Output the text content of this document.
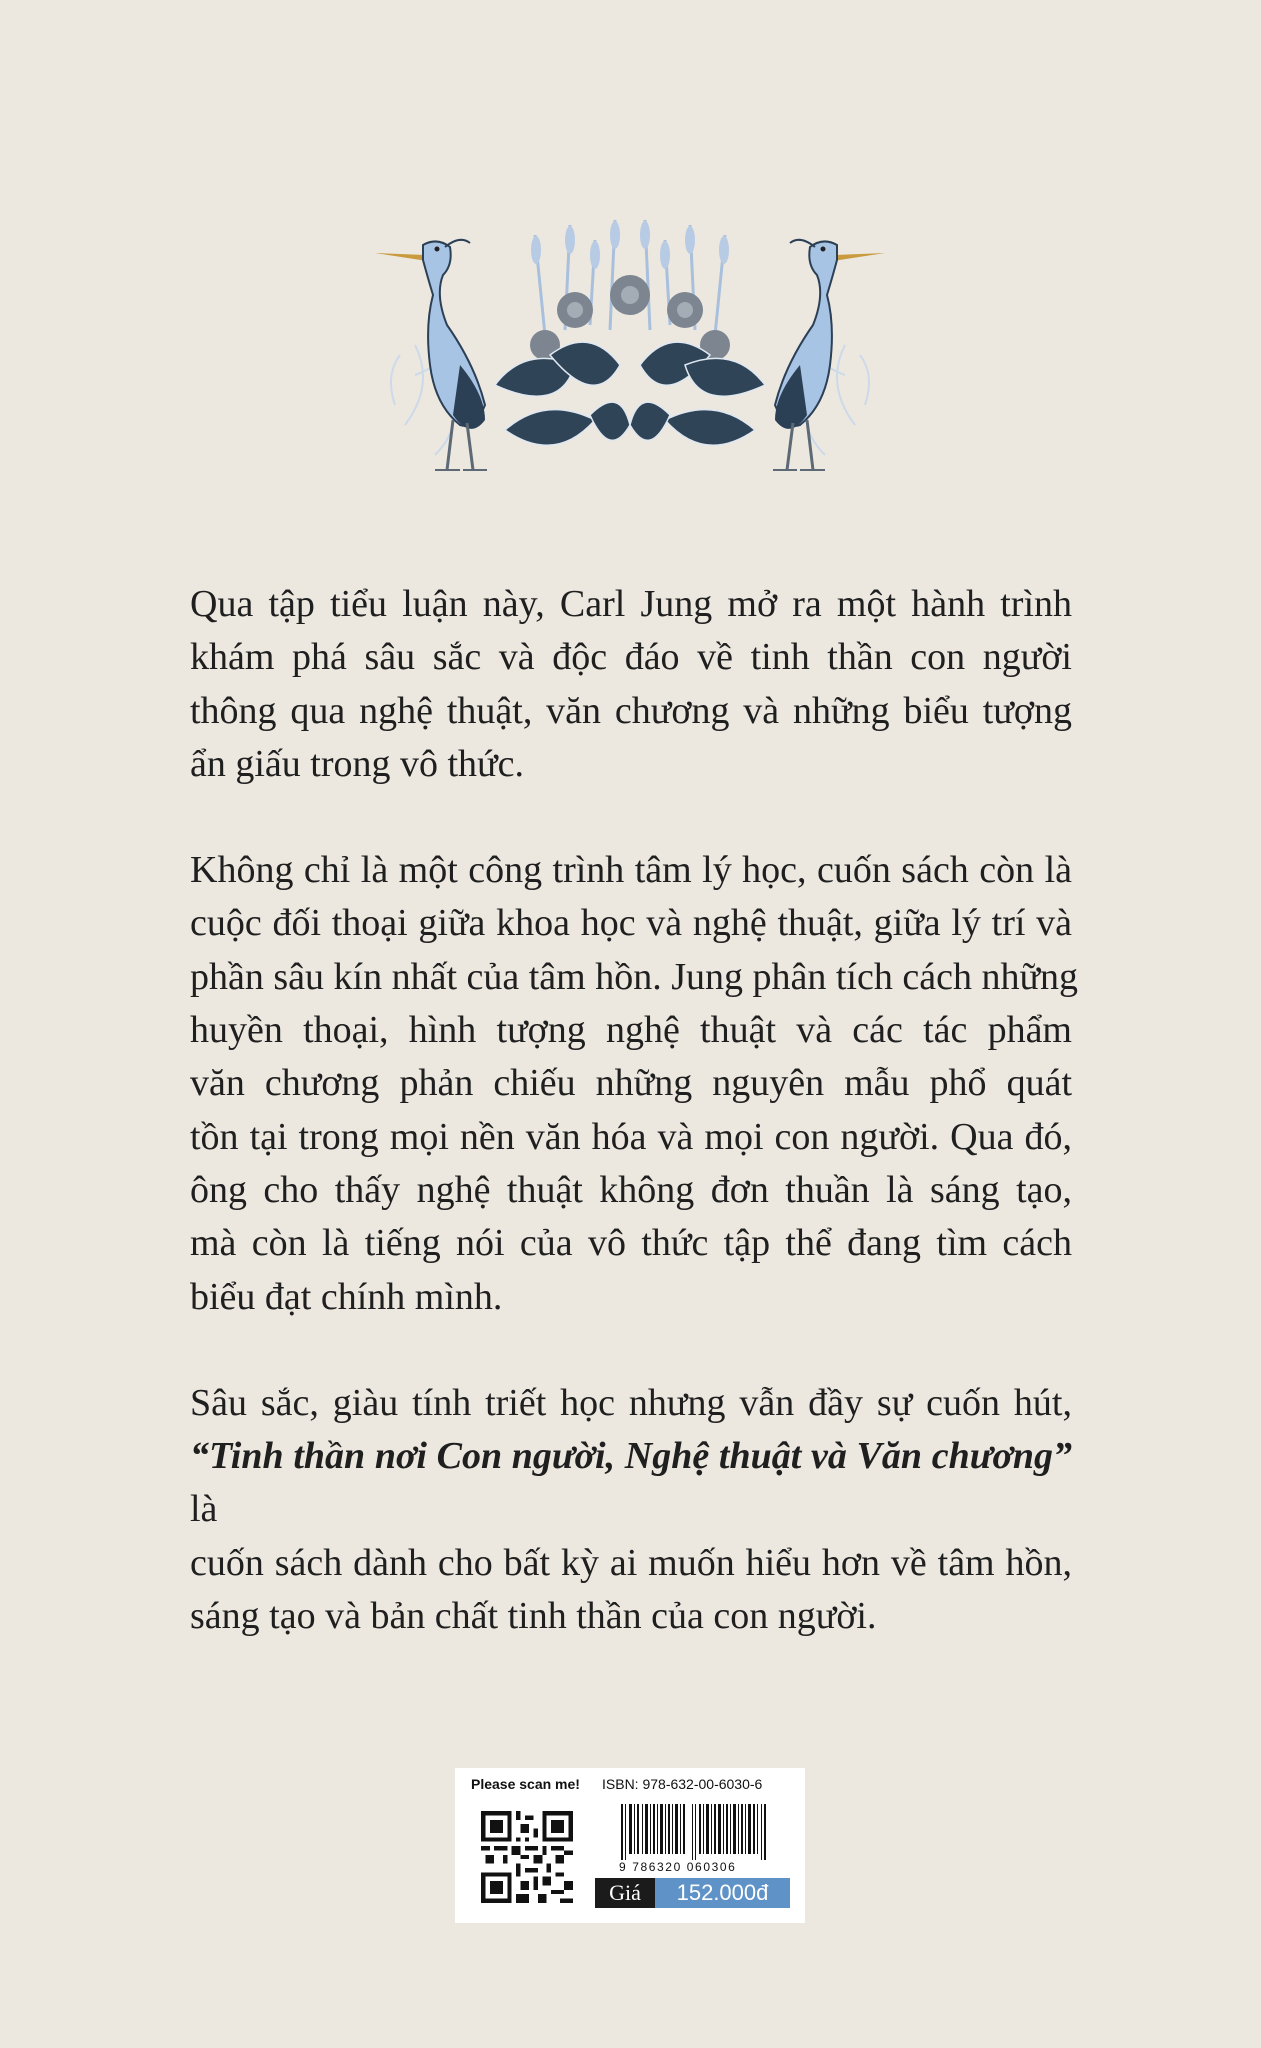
Qua tập tiểu luận này, Carl Jung mở ra một hành trình
khám phá sâu sắc và độc đáo về tinh thần con người
thông qua nghệ thuật, văn chương và những biểu tượng
ẩn giấu trong vô thức.

Không chỉ là một công trình tâm lý học, cuốn sách còn là
cuộc đối thoại giữa khoa học và nghệ thuật, giữa lý trí và
phần sâu kín nhất của tâm hồn. Jung phân tích cách những
huyền thoại, hình tượng nghệ thuật và các tác phẩm
văn chương phản chiếu những nguyên mẫu phổ quát
tồn tại trong mọi nền văn hóa và mọi con người. Qua đó,
ông cho thấy nghệ thuật không đơn thuần là sáng tạo,
mà còn là tiếng nói của vô thức tập thể đang tìm cách
biểu đạt chính mình.

Sâu sắc, giàu tính triết học nhưng vẫn đầy sự cuốn hút,
“Tinh thần nơi Con người, Nghệ thuật và Văn chương” là
cuốn sách dành cho bất kỳ ai muốn hiểu hơn về tâm hồn,
sáng tạo và bản chất tinh thần của con người.

Please scan me! ISBN: 978-632-00-6030-6
9 786320 060306
Giá	152.000đ
